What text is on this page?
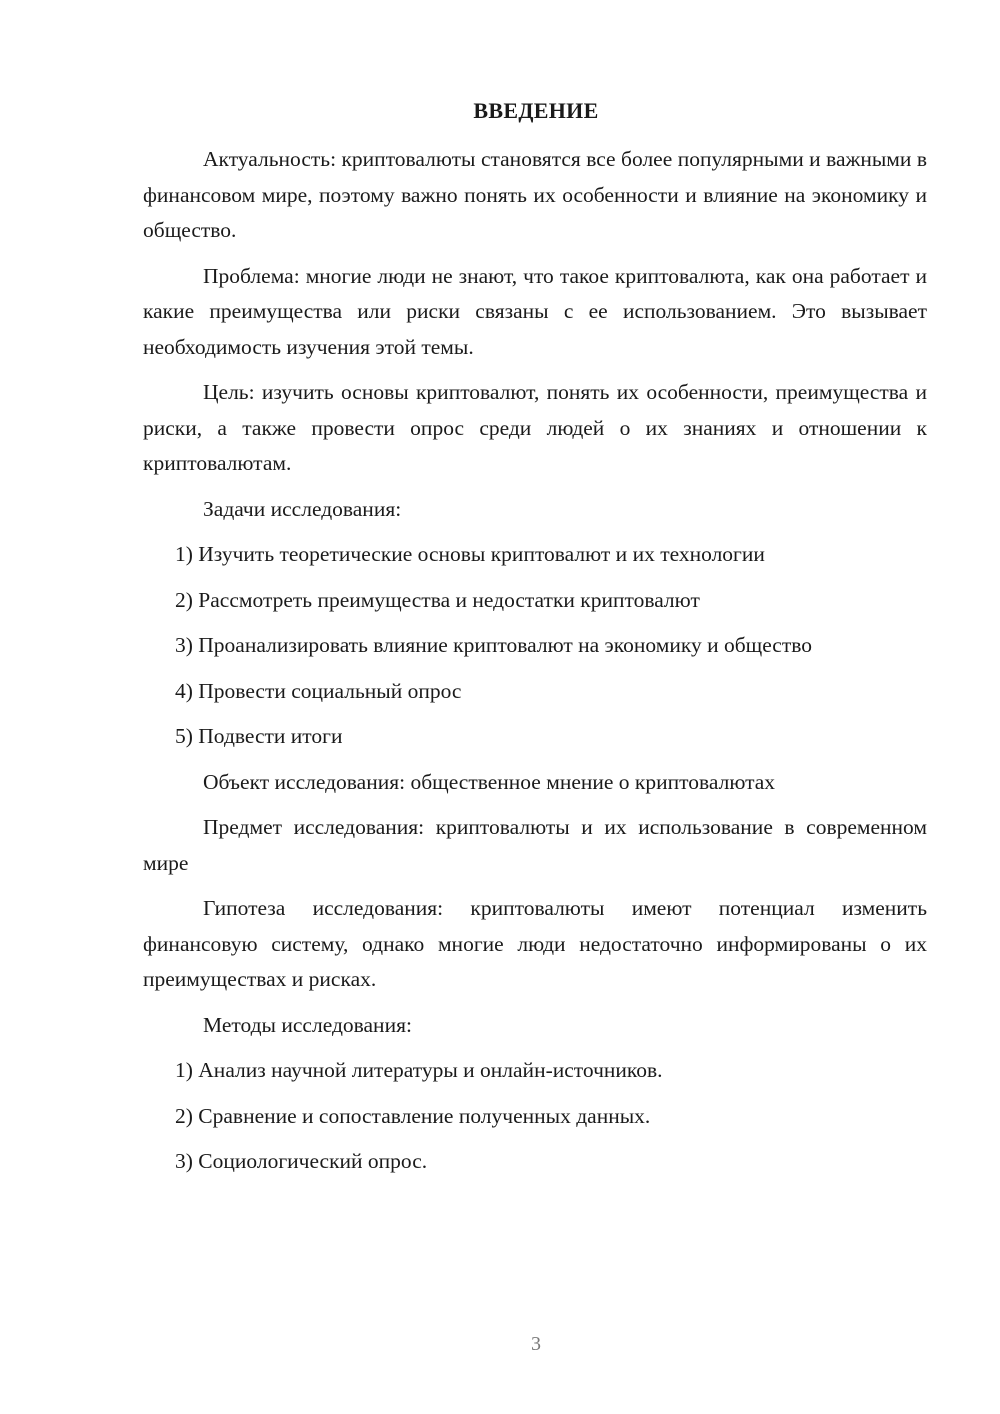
ВВЕДЕНИЕ

Актуальность: криптовалюты становятся все более популярными и важными в финансовом мире, поэтому важно понять их особенности и влияние на экономику и общество.

Проблема: многие люди не знают, что такое криптовалюта, как она работает и какие преимущества или риски связаны с ее использованием. Это вызывает необходимость изучения этой темы.

Цель: изучить основы криптовалют, понять их особенности, преимущества и риски, а также провести опрос среди людей о их знаниях и отношении к криптовалютам.

Задачи исследования:

1) Изучить теоретические основы криптовалют и их технологии
2) Рассмотреть преимущества и недостатки криптовалют
3) Проанализировать влияние криптовалют на экономику и общество
4) Провести социальный опрос
5) Подвести итоги

Объект исследования: общественное мнение о криптовалютах

Предмет исследования: криптовалюты и их использование в современном мире

Гипотеза исследования: криптовалюты имеют потенциал изменить финансовую систему, однако многие люди недостаточно информированы о их преимуществах и рисках.

Методы исследования:

1) Анализ научной литературы и онлайн-источников.
2) Сравнение и сопоставление полученных данных.
3) Социологический опрос.
3
